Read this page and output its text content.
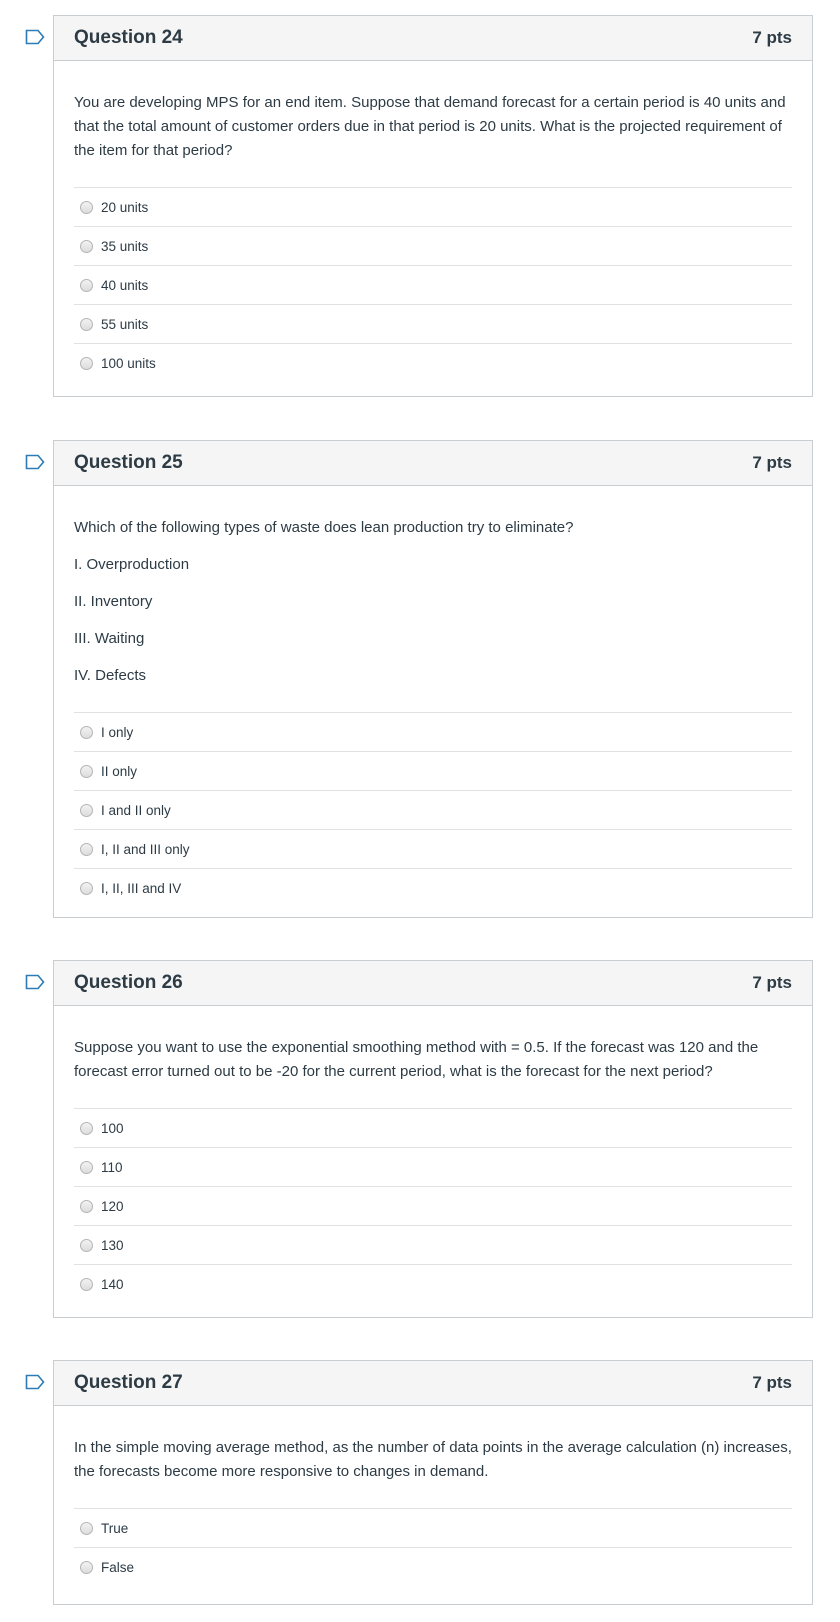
Question 24	7 pts

You are developing MPS for an end item. Suppose that demand forecast for a certain period is 40 units and that the total amount of customer orders due in that period is 20 units. What is the projected requirement of the item for that period?

20 units
35 units
40 units
55 units
100 units
Question 25	7 pts

Which of the following types of waste does lean production try to eliminate?

I. Overproduction

II. Inventory

III. Waiting

IV. Defects

I only
II only
I and II only
I, II and III only
I, II, III and IV
Question 26	7 pts

Suppose you want to use the exponential smoothing method with = 0.5. If the forecast was 120 and the forecast error turned out to be -20 for the current period, what is the forecast for the next period?

100
110
120
130
140
Question 27	7 pts

In the simple moving average method, as the number of data points in the average calculation (n) increases, the forecasts become more responsive to changes in demand.

True
False
